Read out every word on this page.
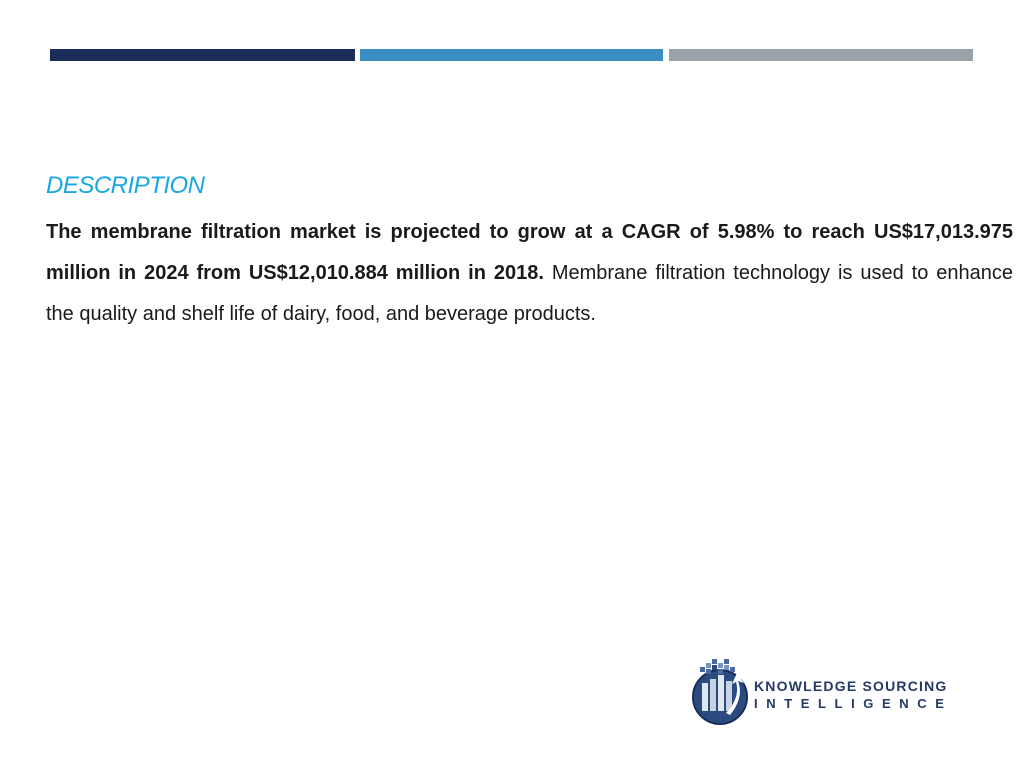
DESCRIPTION

The membrane filtration market is projected to grow at a CAGR of 5.98% to reach US$17,013.975 million in 2024 from US$12,010.884 million in 2018. Membrane filtration technology is used to enhance the quality and shelf life of dairy, food, and beverage products.

KNOWLEDGE SOURCING
INTELLIGENCE
